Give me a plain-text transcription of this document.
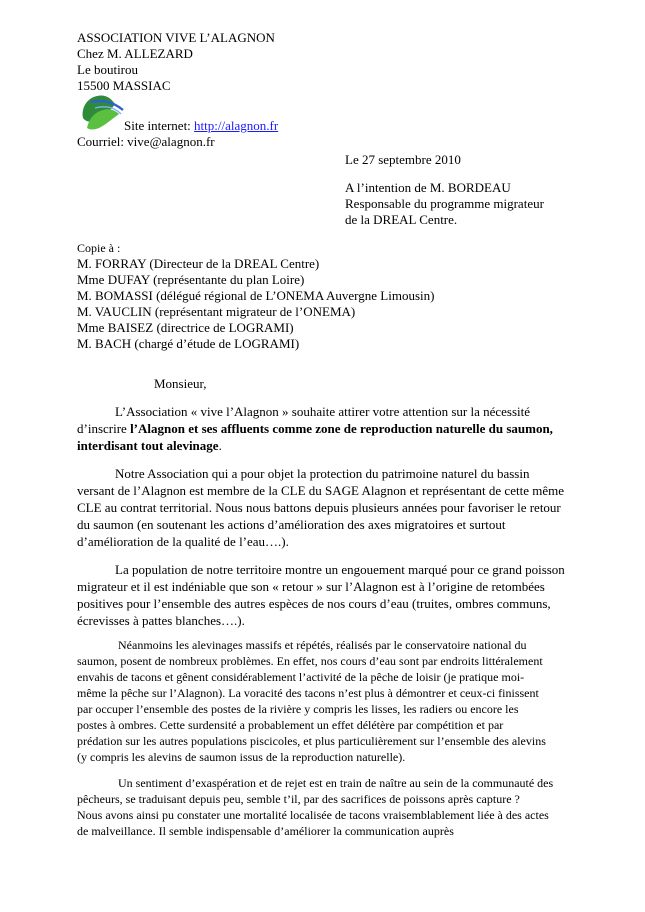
ASSOCIATION VIVE L’ALAGNON
Chez M. ALLEZARD
Le boutirou
15500 MASSIAC
Site internet: http://alagnon.fr
Courriel: vive@alagnon.fr
Le 27 septembre 2010
A l’intention de M. BORDEAU
Responsable du programme migrateur
de la DREAL Centre.
Copie à :
M. FORRAY (Directeur de la DREAL Centre)
Mme DUFAY (représentante du plan Loire)
M. BOMASSI (délégué régional de L’ONEMA Auvergne Limousin)
M. VAUCLIN (représentant migrateur de l’ONEMA)
Mme BAISEZ (directrice de LOGRAMI)
M. BACH (chargé d’étude de LOGRAMI)
Monsieur,
L’Association « vive l’Alagnon » souhaite attirer votre attention sur la nécessité
d’inscrire l’Alagnon et ses affluents comme zone de reproduction naturelle du saumon,
interdisant tout alevinage.
Notre Association qui a pour objet la protection du patrimoine naturel du bassin
versant de l’Alagnon est membre de la CLE du SAGE Alagnon et représentant de cette même
CLE au contrat territorial. Nous nous battons depuis plusieurs années pour favoriser le retour
du saumon (en soutenant les actions d’amélioration des axes migratoires et surtout
d’amélioration de la qualité de l’eau….).
La population de notre territoire montre un engouement marqué pour ce grand poisson
migrateur et il est indéniable que son « retour » sur l’Alagnon est à l’origine de retombées
positives pour l’ensemble des autres espèces de nos cours d’eau (truites, ombres communs,
écrevisses à pattes blanches….).
Néanmoins les alevinages massifs et répétés, réalisés par le conservatoire national du
saumon, posent de nombreux problèmes. En effet, nos cours d’eau sont par endroits littéralement
envahis de tacons et gênent considérablement l’activité de la pêche de loisir (je pratique moi-
même la pêche sur l’Alagnon). La voracité des tacons n’est plus à démontrer et ceux-ci finissent
par occuper l’ensemble des postes de la rivière y compris les lisses, les radiers ou encore les
postes à ombres. Cette surdensité a probablement un effet délétère par compétition et par
prédation sur les autres populations piscicoles, et plus particulièrement sur l’ensemble des alevins
(y compris les alevins de saumon issus de la reproduction naturelle).
Un sentiment d’exaspération et de rejet est en train de naître au sein de la communauté des
pêcheurs, se traduisant depuis peu, semble t’il, par des sacrifices de poissons après capture ?
Nous avons ainsi pu constater une mortalité localisée de tacons vraisemblablement liée à des actes
de malveillance. Il semble indispensable d’améliorer la communication auprès
